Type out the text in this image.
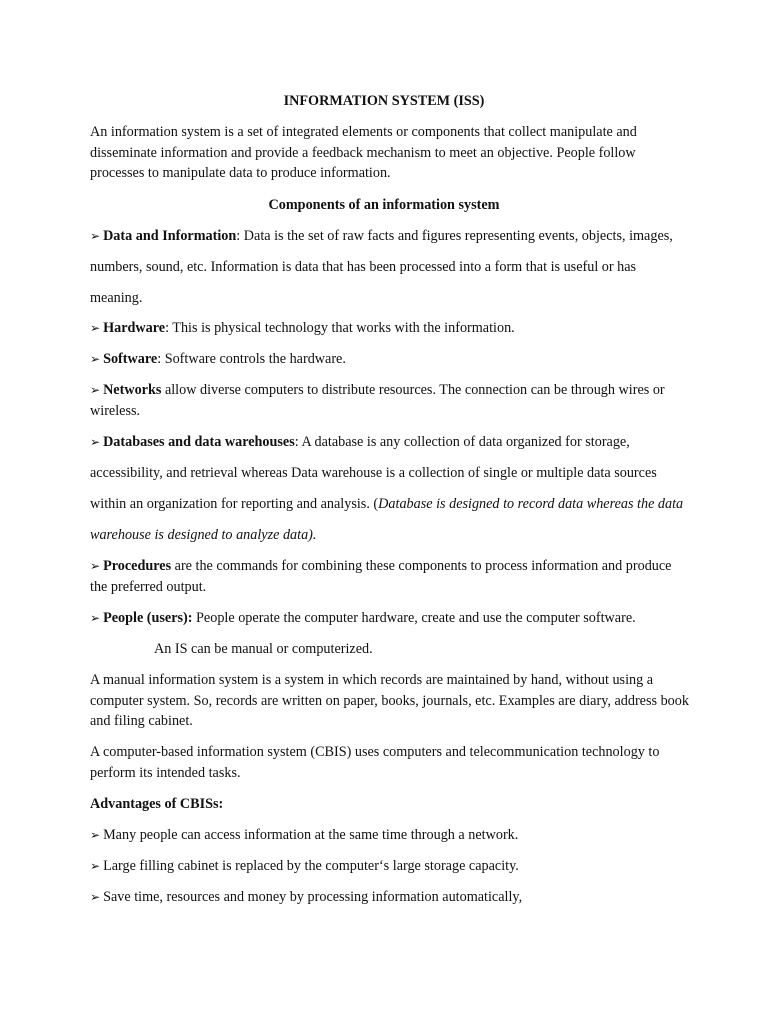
INFORMATION SYSTEM (ISS)

An information system is a set of integrated elements or components that collect manipulate and disseminate information and provide a feedback mechanism to meet an objective. People follow processes to manipulate data to produce information.

Components of an information system

➢ Data and Information: Data is the set of raw facts and figures representing events, objects, images, numbers, sound, etc. Information is data that has been processed into a form that is useful or has meaning.

➢ Hardware: This is physical technology that works with the information.

➢ Software: Software controls the hardware.

➢ Networks allow diverse computers to distribute resources. The connection can be through wires or wireless.

➢ Databases and data warehouses: A database is any collection of data organized for storage, accessibility, and retrieval whereas Data warehouse is a collection of single or multiple data sources within an organization for reporting and analysis. (Database is designed to record data whereas the data warehouse is designed to analyze data).

➢ Procedures are the commands for combining these components to process information and produce the preferred output.

➢ People (users): People operate the computer hardware, create and use the computer software.

An IS can be manual or computerized.

A manual information system is a system in which records are maintained by hand, without using a computer system. So, records are written on paper, books, journals, etc. Examples are diary, address book and filing cabinet.

A computer-based information system (CBIS) uses computers and telecommunication technology to perform its intended tasks.

Advantages of CBISs:

➢ Many people can access information at the same time through a network.

➢ Large filling cabinet is replaced by the computer‘s large storage capacity.

➢ Save time, resources and money by processing information automatically,
